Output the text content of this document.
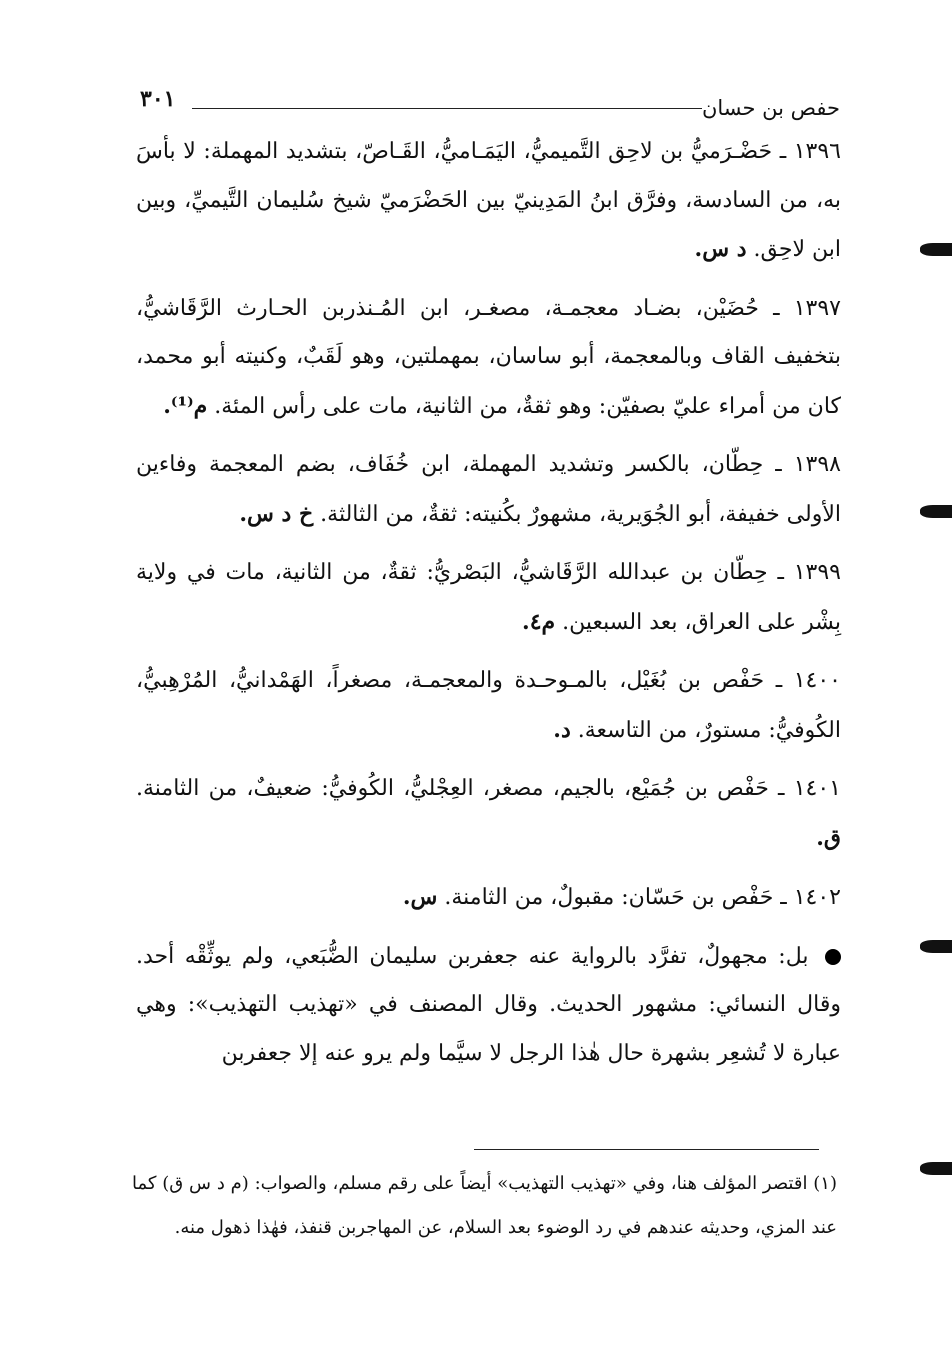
حفص بن حسان
٣٠١

١٣٩٦ ـ حَضْـرَميُّ بن لاحِق التَّميميُّ، اليَمَـاميُّ، القَـاصّ، بتشديد المهملة: لا بأسَ به، من السادسة، وفرَّق ابنُ المَدِينيّ بين الحَضْرَميّ شيخ سُليمان التَّيميِّ، وبين ابن لاحِق. د س.

١٣٩٧ ـ حُضَيْن، بضـاد معجمـة، مصغـر، ابن المُـنذربن الحـارث الرَّقَاشيُّ، بتخفيف القاف وبالمعجمة، أبو ساسان، بمهملتين، وهو لَقَبٌ، وكنيته أبو محمد، كان من أمراء عليّ بصفيّن: وهو ثقةٌ، من الثانية، مات على رأس المئة. م⁽¹⁾.

١٣٩٨ ـ حِطّان، بالكسر وتشديد المهملة، ابن خُفَاف، بضم المعجمة وفاءين الأولى خفيفة، أبو الجُوَيرية، مشهورٌ بكُنيته: ثقةٌ، من الثالثة. خ د س.

١٣٩٩ ـ حِطّان بن عبدالله الرَّقَاشيُّ، البَصْريُّ: ثقةٌ، من الثانية، مات في ولاية بِشْر على العراق، بعد السبعين. م٤.

١٤٠٠ ـ حَفْص بن بُغَيْل، بالمـوحـدة والمعجمـة، مصغراً، الهَمْدانيُّ، المُرْهِبيُّ، الكُوفيُّ: مستورٌ، من التاسعة. د.

١٤٠١ ـ حَفْص بن جُمَيْع، بالجيم، مصغر، العِجْليُّ، الكُوفيُّ: ضعيفٌ، من الثامنة. ق.

١٤٠٢ ـ حَفْص بن حَسّان: مقبولٌ، من الثامنة. س.

بل: مجهولٌ، تفرَّد بالرواية عنه جعفربن سليمان الضُّبَعي، ولم يوثِّقْه أحد. وقال النسائي: مشهور الحديث. وقال المصنف في «تهذيب التهذيب»: وهي عبارة لا تُشعِر بشهرة حال هٰذا الرجل لا سيَّما ولم يرو عنه إلا جعفربن

(١) اقتصر المؤلف هنا، وفي «تهذيب التهذيب» أيضاً على رقم مسلم، والصواب: (م د س ق) كما عند المزي، وحديثه عندهم في رد الوضوء بعد السلام، عن المهاجربن قنفذ، فهٰذا ذهول منه.
